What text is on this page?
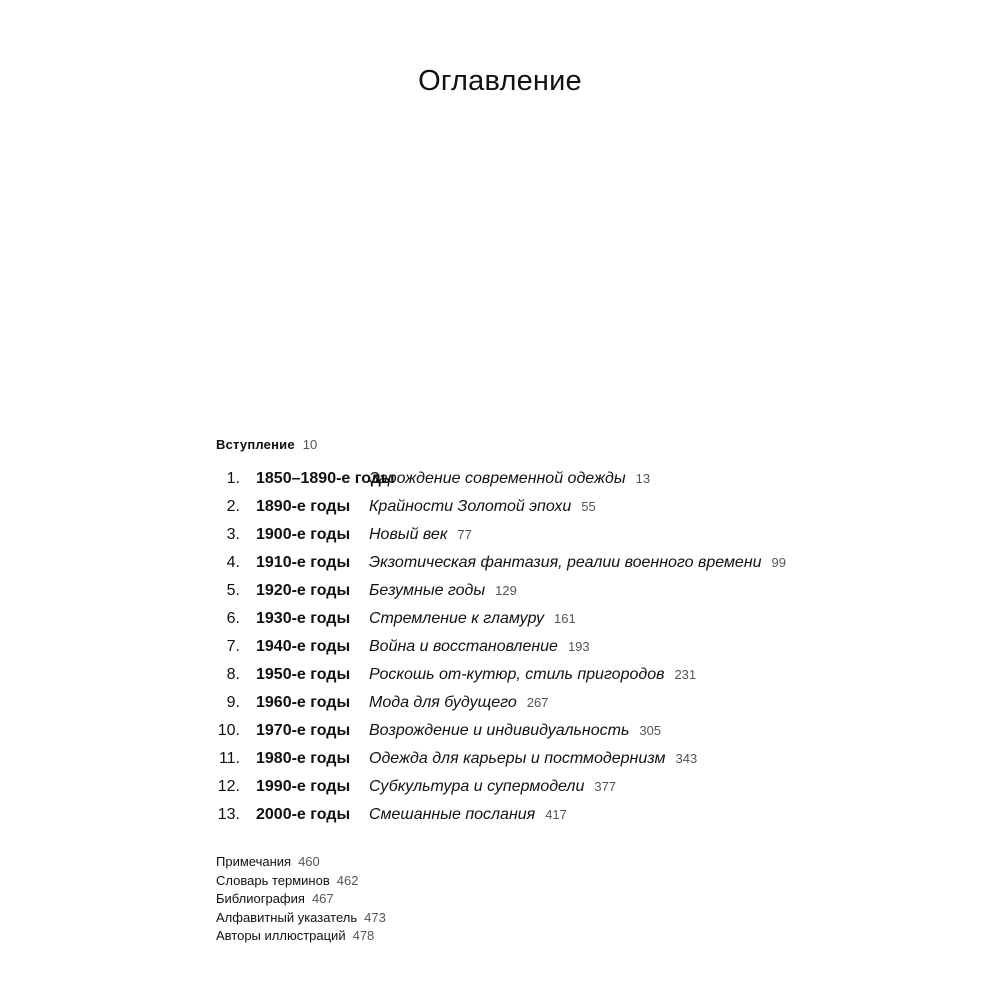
Оглавление
Вступление 10
1. 1850–1890-е годы
Зарождение современной одежды 13
2. 1890-е годы Крайности Золотой эпохи 55
3. 1900-е годы Новый век 77
4. 1910-е годы Экзотическая фантазия, реалии военного времени 99
5. 1920-е годы Безумные годы 129
6. 1930-е годы Стремление к гламуру 161
7. 1940-е годы Война и восстановление 193
8. 1950-е годы Роскошь от-кутюр, стиль пригородов 231
9. 1960-е годы Мода для будущего 267
10. 1970-е годы Возрождение и индивидуальность 305
11. 1980-е годы Одежда для карьеры и постмодернизм 343
12. 1990-е годы Субкультура и супермодели 377
13. 2000-е годы Смешанные послания 417
Примечания 460
Словарь терминов 462
Библиография 467
Алфавитный указатель 473
Авторы иллюстраций 478
